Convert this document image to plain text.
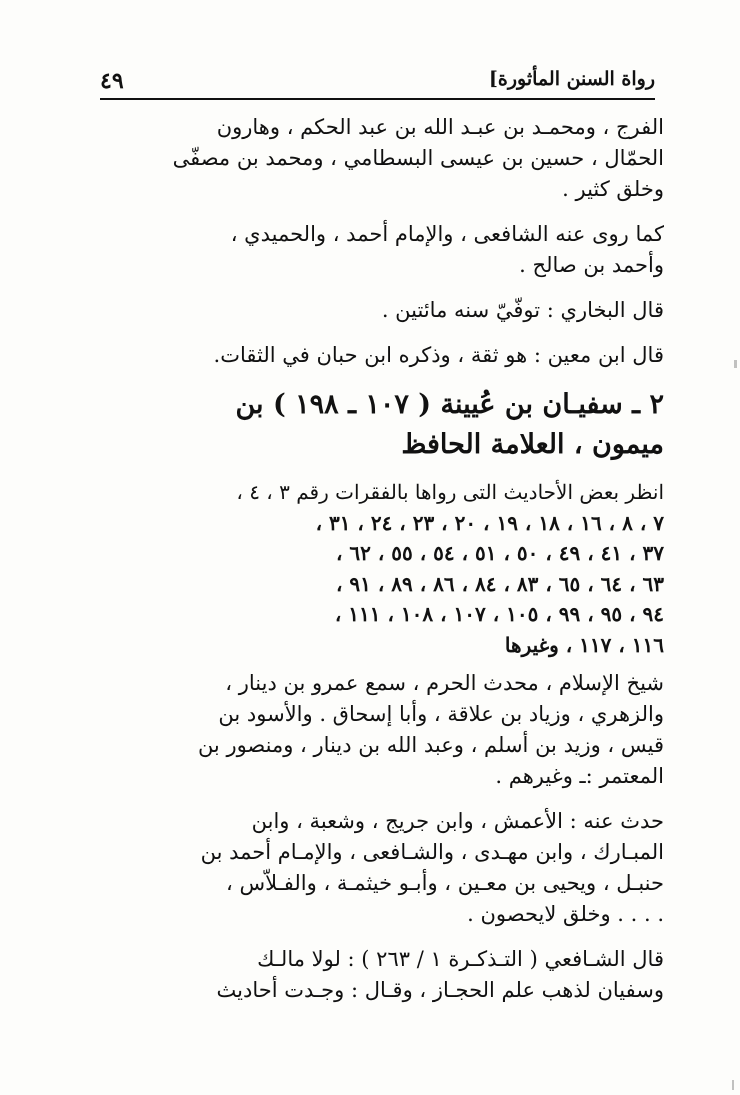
رواة السنن المأثورة]
٤٩
الفرج ، ومحمـد بن عبـد الله بن عبد الحكم ، وهارون
الحمّال ، حسين بن عيسى البسطامي ، ومحمد بن مصفّى
وخلق كثير .
كما روى عنه الشافعى ، والإمام أحمد ، والحميدي ،
وأحمد بن صالح .
قال البخاري : توفّيّ سنه مائتين .
قال ابن معين : هو ثقة ، وذكره ابن حبان في الثقات.
٢ ـ سفيـان بن عُيينة ( ١٠٧ ـ ١٩٨ ) بن
ميمون ، العلامة الحافظ
انظر بعض الأحاديث التى رواها بالفقرات رقم ٣ ، ٤ ،
٧ ، ٨ ، ١٦ ، ١٨ ، ١٩ ، ٢٠ ، ٢٣ ، ٢٤ ، ٣١ ،
٣٧ ، ٤١ ، ٤٩ ، ٥٠ ، ٥١ ، ٥٤ ، ٥٥ ، ٦٢ ،
٦٣ ، ٦٤ ، ٦٥ ، ٨٣ ، ٨٤ ، ٨٦ ، ٨٩ ، ٩١ ،
٩٤ ، ٩٥ ، ٩٩ ، ١٠٥ ، ١٠٧ ، ١٠٨ ، ١١١ ،
١١٦ ، ١١٧ ، وغيرها
شيخ الإسلام ، محدث الحرم ، سمع عمرو بن دينار ،
والزهري ، وزياد بن علاقة ، وأبا إسحاق . والأسود بن
قيس ، وزيد بن أسلم ، وعبد الله بن دينار ، ومنصور بن
المعتمر :ـ وغيرهم .
حدث عنه : الأعمش ، وابن جريج ، وشعبة ، وابن
المبـارك ، وابن مهـدى ، والشـافعى ، والإمـام أحمد بن
حنبـل ، ويحيى بن معـين ، وأبـو خيثمـة ، والفـلاّس ،
. . . . وخلق لايحصون .
قال الشـافعي ( التـذكـرة ١ / ٢٦٣ ) : لولا مالـك
وسفيان لذهب علم الحجـاز ، وقـال : وجـدت أحاديث
